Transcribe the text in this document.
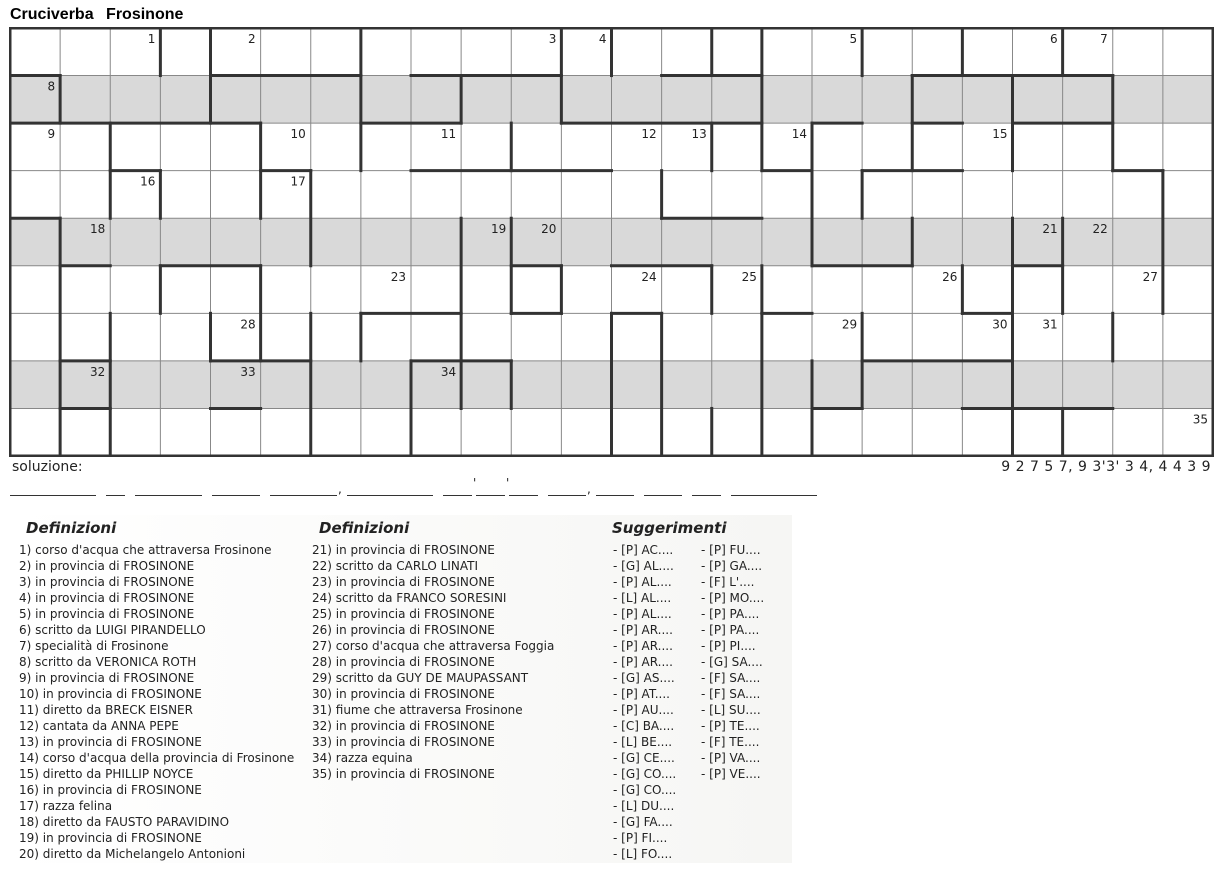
Cruciverba Frosinone
1	2	3	4	5	6	7
8
9	10	11	12	13	14	15
16	17
18	19	20	21	22
23	24	25	26	27
28	29	30	31
32	33	34
35
soluzione:	9 2 7 5 7, 9 3'3' 3 4, 4 4 3 9
,	' '	,
Definizioni
1) corso d'acqua che attraversa Frosinone
2) in provincia di FROSINONE
3) in provincia di FROSINONE
4) in provincia di FROSINONE
5) in provincia di FROSINONE
6) scritto da LUIGI PIRANDELLO
7) specialità di Frosinone
8) scritto da VERONICA ROTH
9) in provincia di FROSINONE
10) in provincia di FROSINONE
11) diretto da BRECK EISNER
12) cantata da ANNA PEPE
13) in provincia di FROSINONE
14) corso d'acqua della provincia di Frosinone
15) diretto da PHILLIP NOYCE
16) in provincia di FROSINONE
17) razza felina
18) diretto da FAUSTO PARAVIDINO
19) in provincia di FROSINONE
20) diretto da Michelangelo Antonioni
Definizioni
21) in provincia di FROSINONE
22) scritto da CARLO LINATI
23) in provincia di FROSINONE
24) scritto da FRANCO SORESINI
25) in provincia di FROSINONE
26) in provincia di FROSINONE
27) corso d'acqua che attraversa Foggia
28) in provincia di FROSINONE
29) scritto da GUY DE MAUPASSANT
30) in provincia di FROSINONE
31) fiume che attraversa Frosinone
32) in provincia di FROSINONE
33) in provincia di FROSINONE
34) razza equina
35) in provincia di FROSINONE
Suggerimenti
- [P] AC....
- [G] AL....
- [P] AL....
- [L] AL....
- [P] AL....
- [P] AR....
- [P] AR....
- [P] AR....
- [G] AS....
- [P] AT....
- [P] AU....
- [C] BA....
- [L] BE....
- [G] CE....
- [G] CO....
- [G] CO....
- [L] DU....
- [G] FA....
- [P] FI....
- [L] FO....
- [P] FU....
- [P] GA....
- [F] L'....
- [P] MO....
- [P] PA....
- [P] PA....
- [P] PI....
- [G] SA....
- [F] SA....
- [F] SA....
- [L] SU....
- [P] TE....
- [F] TE....
- [P] VA....
- [P] VE....
